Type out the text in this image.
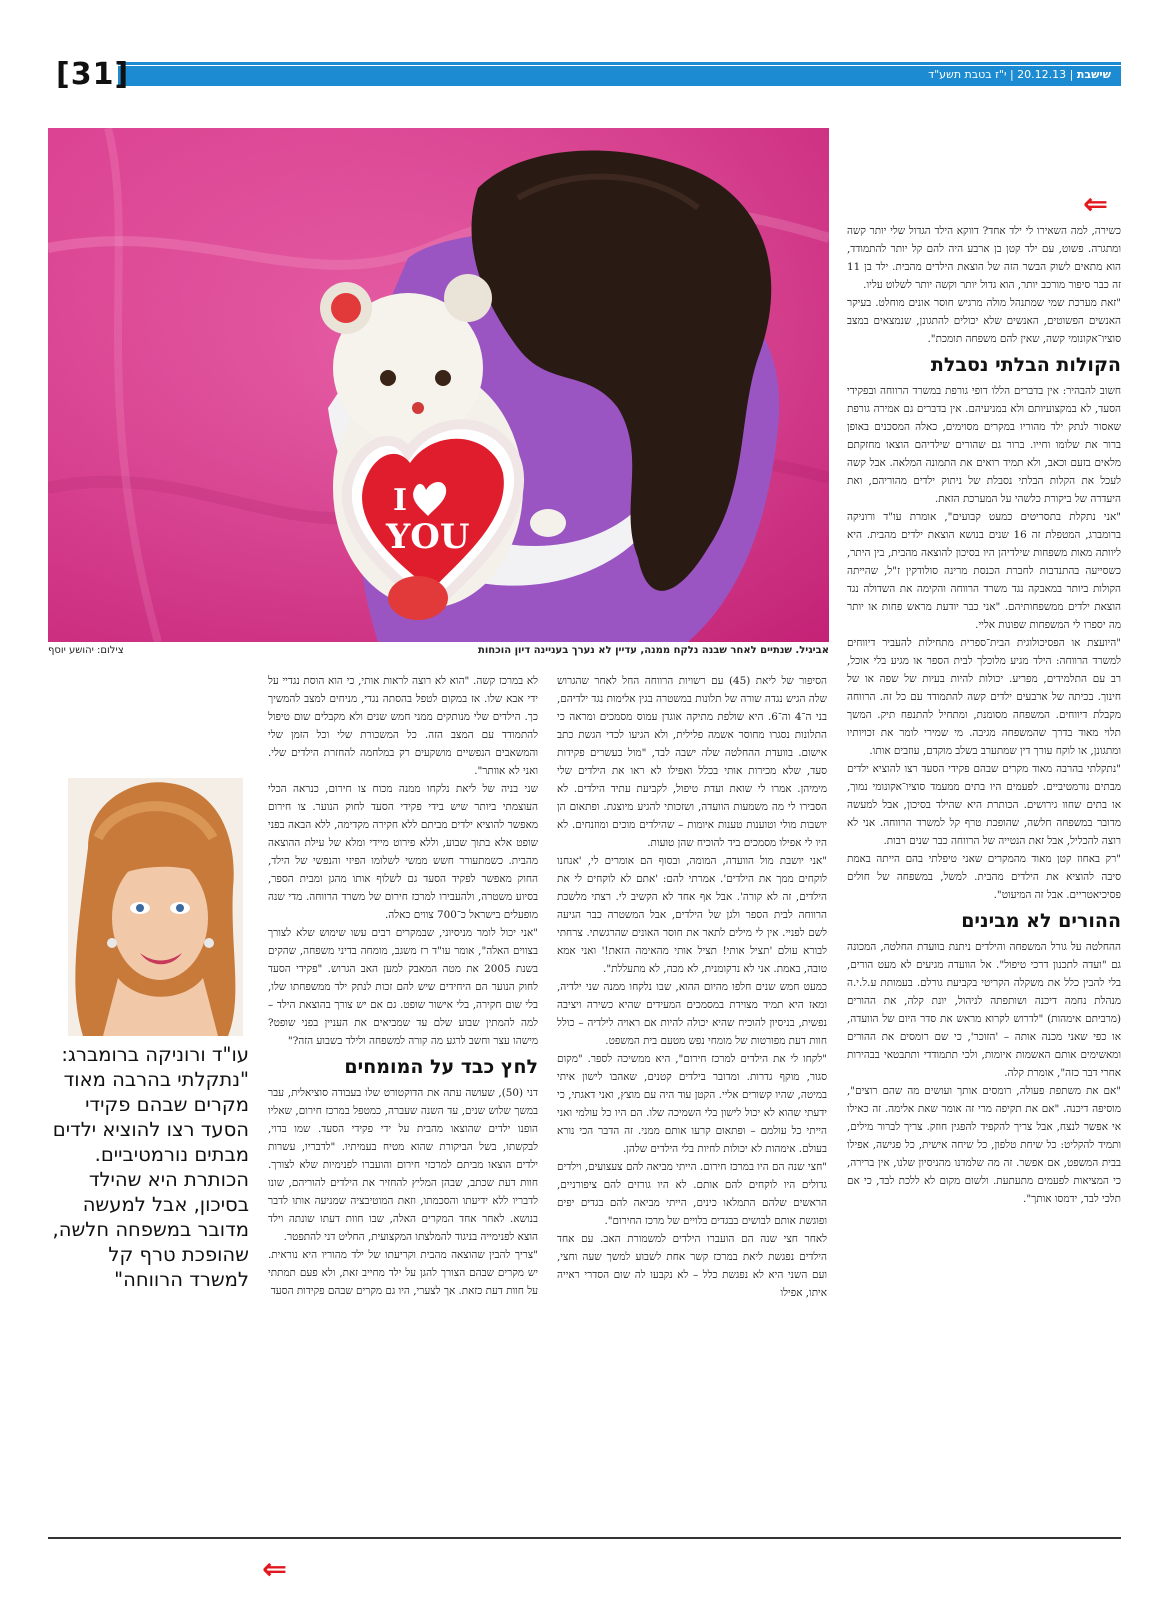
[31]	שישבת | 20.12.13 | י"ז בטבת תשע"ד
I
YOU
אביגיל. שנתיים לאחר שבנה נלקח ממנה, עדיין לא נערך בעניינה דיון הוכחות
צילום: יהושע יוסף
⇐
⇐

כשירה, למה השאירו לי ילד אחד? דווקא הילד הגדול שלי יותר קשה ומתגרה. פשוט, עם ילד קטן בן ארבע היה להם קל יותר להתמודד, הוא מתאים לשוק הבשר הזה של הוצאת הילדים מהבית. ילד בן 11 זה כבר סיפור מורכב יותר, הוא גדול יותר וקשה יותר לשלוט עליו.

"זאת מערכת שמי שמתנהל מולה מרגיש חוסר אונים מוחלט. בעיקר האנשים הפשוטים, האנשים שלא יכולים להתגונן, שנמצאים במצב סוציו־אקונומי קשה, שאין להם משפחה תומכת".

הקולות הבלתי נסבלת

חשוב להבהיר: אין בדברים הללו דופי גורפת במשרד הרווחה ובפקידי הסעד, לא במקצועיותם ולא במניעיהם. אין בדברים גם אמירה גורפת שאסור לנתק ילד מהוריו במקרים מסוימים, כאלה המסכנים באופן ברור את שלומו וחייו. ברור גם שהורים שילדיהם הוצאו מחזקתם מלאים בזעם וכאב, ולא תמיד רואים את התמונה המלאה. אבל קשה לעכל את הקלות הבלתי נסבלת של ניתוק ילדים מהוריהם, ואת היעדרה של ביקורת כלשהי על המערכת הזאת.

"אני נתקלת בתסריטים כמעט קבועים", אומרת עו"ד ורוניקה ברומברג, המטפלת זה 16 שנים בנושא הוצאת ילדים מהבית. היא ליוותה מאות משפחות שילדיהן היו בסיכון להוצאה מהבית, בין היתר, כשסייעה בהתנדבות לחברת הכנסת מרינה סולודקין ז"ל, שהייתה הקולות ביותר במאבקה נגד משרד הרווחה והקימה את השדולה נגד הוצאת ילדים ממשפחותיהם. "אני כבר יודעת מראש פחות או יותר מה יספרו לי המשפחות שפונות אליי.

"היועצת או הפסיכולוגית הבית־ספרית מתחילות להעביר דיווחים למשרד הרווחה: הילד מגיע מלוכלך לבית הספר או מגיע בלי אוכל, רב עם התלמידים, מפריע. יכולות להיות בעיות של שפה או של חינוך. בכיתה של ארבעים ילדים קשה להתמודד עם כל זה. הרווחה מקבלת דיווחים. המשפחה מסומנת, ומתחיל להתנפח תיק. המשך תלוי מאוד בדרך שהמשפחה מגיבה. מי שמירי לומר את זכויותיו ומתגונן, או לוקח עורך דין שמתערב בשלב מוקדם, עוזבים אותו.

"נתקלתי בהרבה מאוד מקרים שבהם פקידי הסעד רצו להוציא ילדים מבתים נורמטיביים. לפעמים היו בתים ממעמד סוציו־אקונומי נמוך, או בתים שחוו גירושים. הכותרת היא שהילד בסיכון, אבל למעשה מדובר במשפחה חלשה, שהופכת טרף קל למשרד הרווחה. אני לא רוצה להכליל, אבל זאת הנטייה של הרווחה כבר שנים רבות.

"רק באחוז קטן מאוד מהמקרים שאני טיפלתי בהם הייתה באמת סיבה להוציא את הילדים מהבית. למשל, במשפחה של חולים פסיכיאטריים. אבל זה המיעוט".

ההורים לא מבינים

ההחלטה על גורל המשפחה והילדים ניתנת בוועדת החלטה, המכונה גם "ועדה לתכנון דרכי טיפול". אל הוועדה מגיעים לא מעט הורים, בלי להבין כלל את משקלה הקריטי בקביעת גורלם. בעמותת ע.ל.י.ה מנהלת נחמה דיכנה ושותפתה לניהול, יונת קלה, את ההורים (מרביתם אימהות) "לדרוש לקרוא מראש את סדר היום של הוועדה, או כפי שאני מכנה אותה – 'הזוכר', כי שם רומסים את ההורים ומאשימים אותם האשמות איומות, ולכי תתמודדי ותתבטאי בבהירות אחרי דבר כזה", אומרת קלה.

"אם את משתפת פעולה, רומסים אותך ועושים מה שהם רוצים", מוסיפה דיכנה. "אם את תקיפה מרי זה אומר שאת אלימה. זה כאילו אי אפשר לנצח, אבל צריך להקפיד להפגין חוזק. צריך לברור מילים, ותמיד להקליט: כל שיחת טלפון, כל שיחה אישית, כל פגישה, אפילו בבית המשפט, אם אפשר. זה מה שלמדנו מהניסיון שלנו, אין ברירה, כי המציאות לפעמים מתעתעת. ולשום מקום לא ללכת לבד, כי אם תלכי לבד, ידמסו אותך".

הסיפור של ליאת (45) עם רשויות הרווחה החל לאחר שהגרוש שלה הגיש נגדה שורה של תלונות במשטרה בגין אלימות נגד ילדיהם, בני ה־4 וה־6. היא שולפת מתיקה אוגדן עמוס מסמכים ומראה כי התלונות נסגרו מחוסר אשמה פלילית, ולא הגיעו לכדי הגשת כתב אישום. בוועדת ההחלטה שלה ישבה לבד, "מול כעשרים פקידות סעד, שלא מכירות אותי בכלל ואפילו לא ראו את הילדים שלי מימיהן. אמרו לי שואת ועדת טיפול, לקביעת עתיד הילדים. לא הסבירו לי מה משמעות הוועדה, ושזכותי להגיע מיוצגת. ופתאום הן יושבות מולי וטוענות טענות איומות – שהילדים מוכים ומוזנחים. לא היו לי אפילו מסמכים ביד להוכיח שהן טועות.

"אני יושבת מול הוועדה, המומה, ובסוף הם אומרים לי, 'אנחנו לוקחים ממך את הילדים'. אמרתי להם: 'אתם לא לוקחים לי את הילדים, זה לא קורה'. אבל אף אחד לא הקשיב לי. רצתי מלשכת הרווחה לבית הספר ולגן של הילדים, אבל המשטרה כבר הגיעה לשם לפניי. אין לי מילים לתאר את חוסר האונים שהרגשתי. צרחתי לבורא עולם 'תציל אותי! תציל אותי מהאימה הזאת!' ואני אמא טובה, באמת. אני לא נרקומנית, לא מכה, לא מתעללת".

כמעט חמש שנים חלפו מהיום ההוא, שבו נלקחו ממנה שני ילדיה, ומאז היא תמיד מצוידת במסמכים המעידים שהיא כשירה ויציבה נפשית, בניסיון להוכיח שהיא יכולה להיות אם ראויה לילדיה – כולל חוות דעת מפורטות של מומחי נפש מטעם בית המשפט.

"לקחו לי את הילדים למרכז חירום", היא ממשיכה לספר. "מקום סגור, מוקף גדרות. ומדובר בילדים קטנים, שאהבו לישון איתי במיטה, שהיו קשורים אליי. הקטן עוד היה עם מוצץ, ואני דאגתי, כי ידעתי שהוא לא יכול לישון בלי השמיכה שלו. הם היו כל עולמי ואני הייתי כל עולמם – ופתאום קרעו אותם ממני. זה הדבר הכי נורא בעולם. אימהות לא יכולות לחיות בלי הילדים שלהן.

"חצי שנה הם היו במרכז חירום. הייתי מביאה להם צעצועים, וילדים גדולים היו לוקחים להם אותם. לא היו גורזים להם ציפורניים, הראשים שלהם התמלאו כינים, הייתי מביאה להם בגדים יפים ופוגשת אותם לבושים בבגדים בלויים של מרכז החירום".

לאחר חצי שנה הם הועברו הילדים למשמורת האב. עם אחד הילדים נפגשת ליאת במרכז קשר אחת לשבוע למשך שעה וחצי, ועם השני היא לא נפגשת כלל – לא נקבעו לה שום הסדרי ראייה איתו, אפילו

לא במרכז קשה. "הוא לא רוצה לראות אותי, כי הוא הוסת נגדיי על ידי אבא שלו. אז במקום לטפל בהסתה נגדי, מניחים למצב להמשיך כך. הילדים שלי מנותקים ממני חמש שנים ולא מקבלים שום טיפול להתמודד עם המצב הזה. כל המשכורת שלי וכל הזמן שלי והמשאבים הנפשיים מושקעים רק במלחמה להחזרת הילדים שלי. ואני לא אוותר".

שני בניה של ליאת נלקחו ממנה מכוח צו חירום, כנראה הכלי העוצמתי ביותר שיש בידי פקידי הסעד לחוק הנוער. צו חירום מאפשר להוציא ילדים מביתם ללא חקירה מקדימה, ללא הבאה בפני שופט אלא בתוך שבוע, וללא פירוט מיידי ומלא של עילת ההוצאה מהבית. כשמתעורר חשש ממשי לשלומו הפיזי והנפשי של הילד, החוק מאפשר לפקיד הסעד גם לשלוף אותו מהגן ומבית הספר, בסיוע משטרה, ולהעבירו למרכז חירום של משרד הרווחה. מדי שנה מופעלים בישראל כ־700 צווים כאלה.

"אני יכול לומר מניסיוני, שבמקרים רבים עשו שימוש שלא לצורך בצווים האלה", אומר עו"ד רז משגב, מומחה בדיני משפחה, שהקים בשנת 2005 את מטה המאבק למען האב הגרוש. "פקידי הסעד לחוק הנוער הם היחידים שיש להם זכות לנתק ילד ממשפחתו שלו, בלי שום חקירה, בלי אישור שופט. גם אם יש צורך בהוצאת הילד – למה להמתין שבוע שלם עד שמביאים את העניין בפני שופט? מישהו עצר וחשב לרגע מה קורה למשפחה ולילד בשבוע הזה?"

לחץ כבד על המומחים

דני (50), שעושה עתה את הדוקטורט שלו בעבודה סוציאלית, עבר במשך שלוש שנים, עד השנה שעברה, כמטפל במרכז חירום, שאליו הופנו ילדים שהוצאו מהבית על ידי פקידי הסעד. שמו בדוי, לבקשתו, בשל הביקורת שהוא מטיח בעמיתיו. "לדבריו, עשרות ילדים הוצאו מביתם למרכזי חירום והועברו לפנימיות שלא לצורך. חוות דעת שכתב, שבהן המליץ להחזיר את הילדים להוריהם, שונו לדבריו ללא ידיעתו והסכמתו, וזאת המוטיבציה שמניעה אותו לדבר בנושא. לאחר אחד המקרים האלה, שבו חוות דעתו שונתה וילד הוצא לפנימייה בניגוד להמלצתו המקצועית, החליט דני להתפטר.

"צריך להבין שהוצאה מהבית וקריעתו של ילד מהוריו היא נוראית. יש מקרים שבהם הצורך להגן על ילד מחייב זאת, ולא פעם תמתתי על חוות דעת כזאת. אך לצערי, היו גם מקרים שבהם פקידות הסעד

עו"ד ורוניקה ברומברג: "נתקלתי בהרבה מאוד מקרים שבהם פקידי הסעד רצו להוציא ילדים מבתים נורמטיביים. הכותרת היא שהילד בסיכון, אבל למעשה מדובר במשפחה חלשה, שהופכת טרף קל למשרד הרווחה"
